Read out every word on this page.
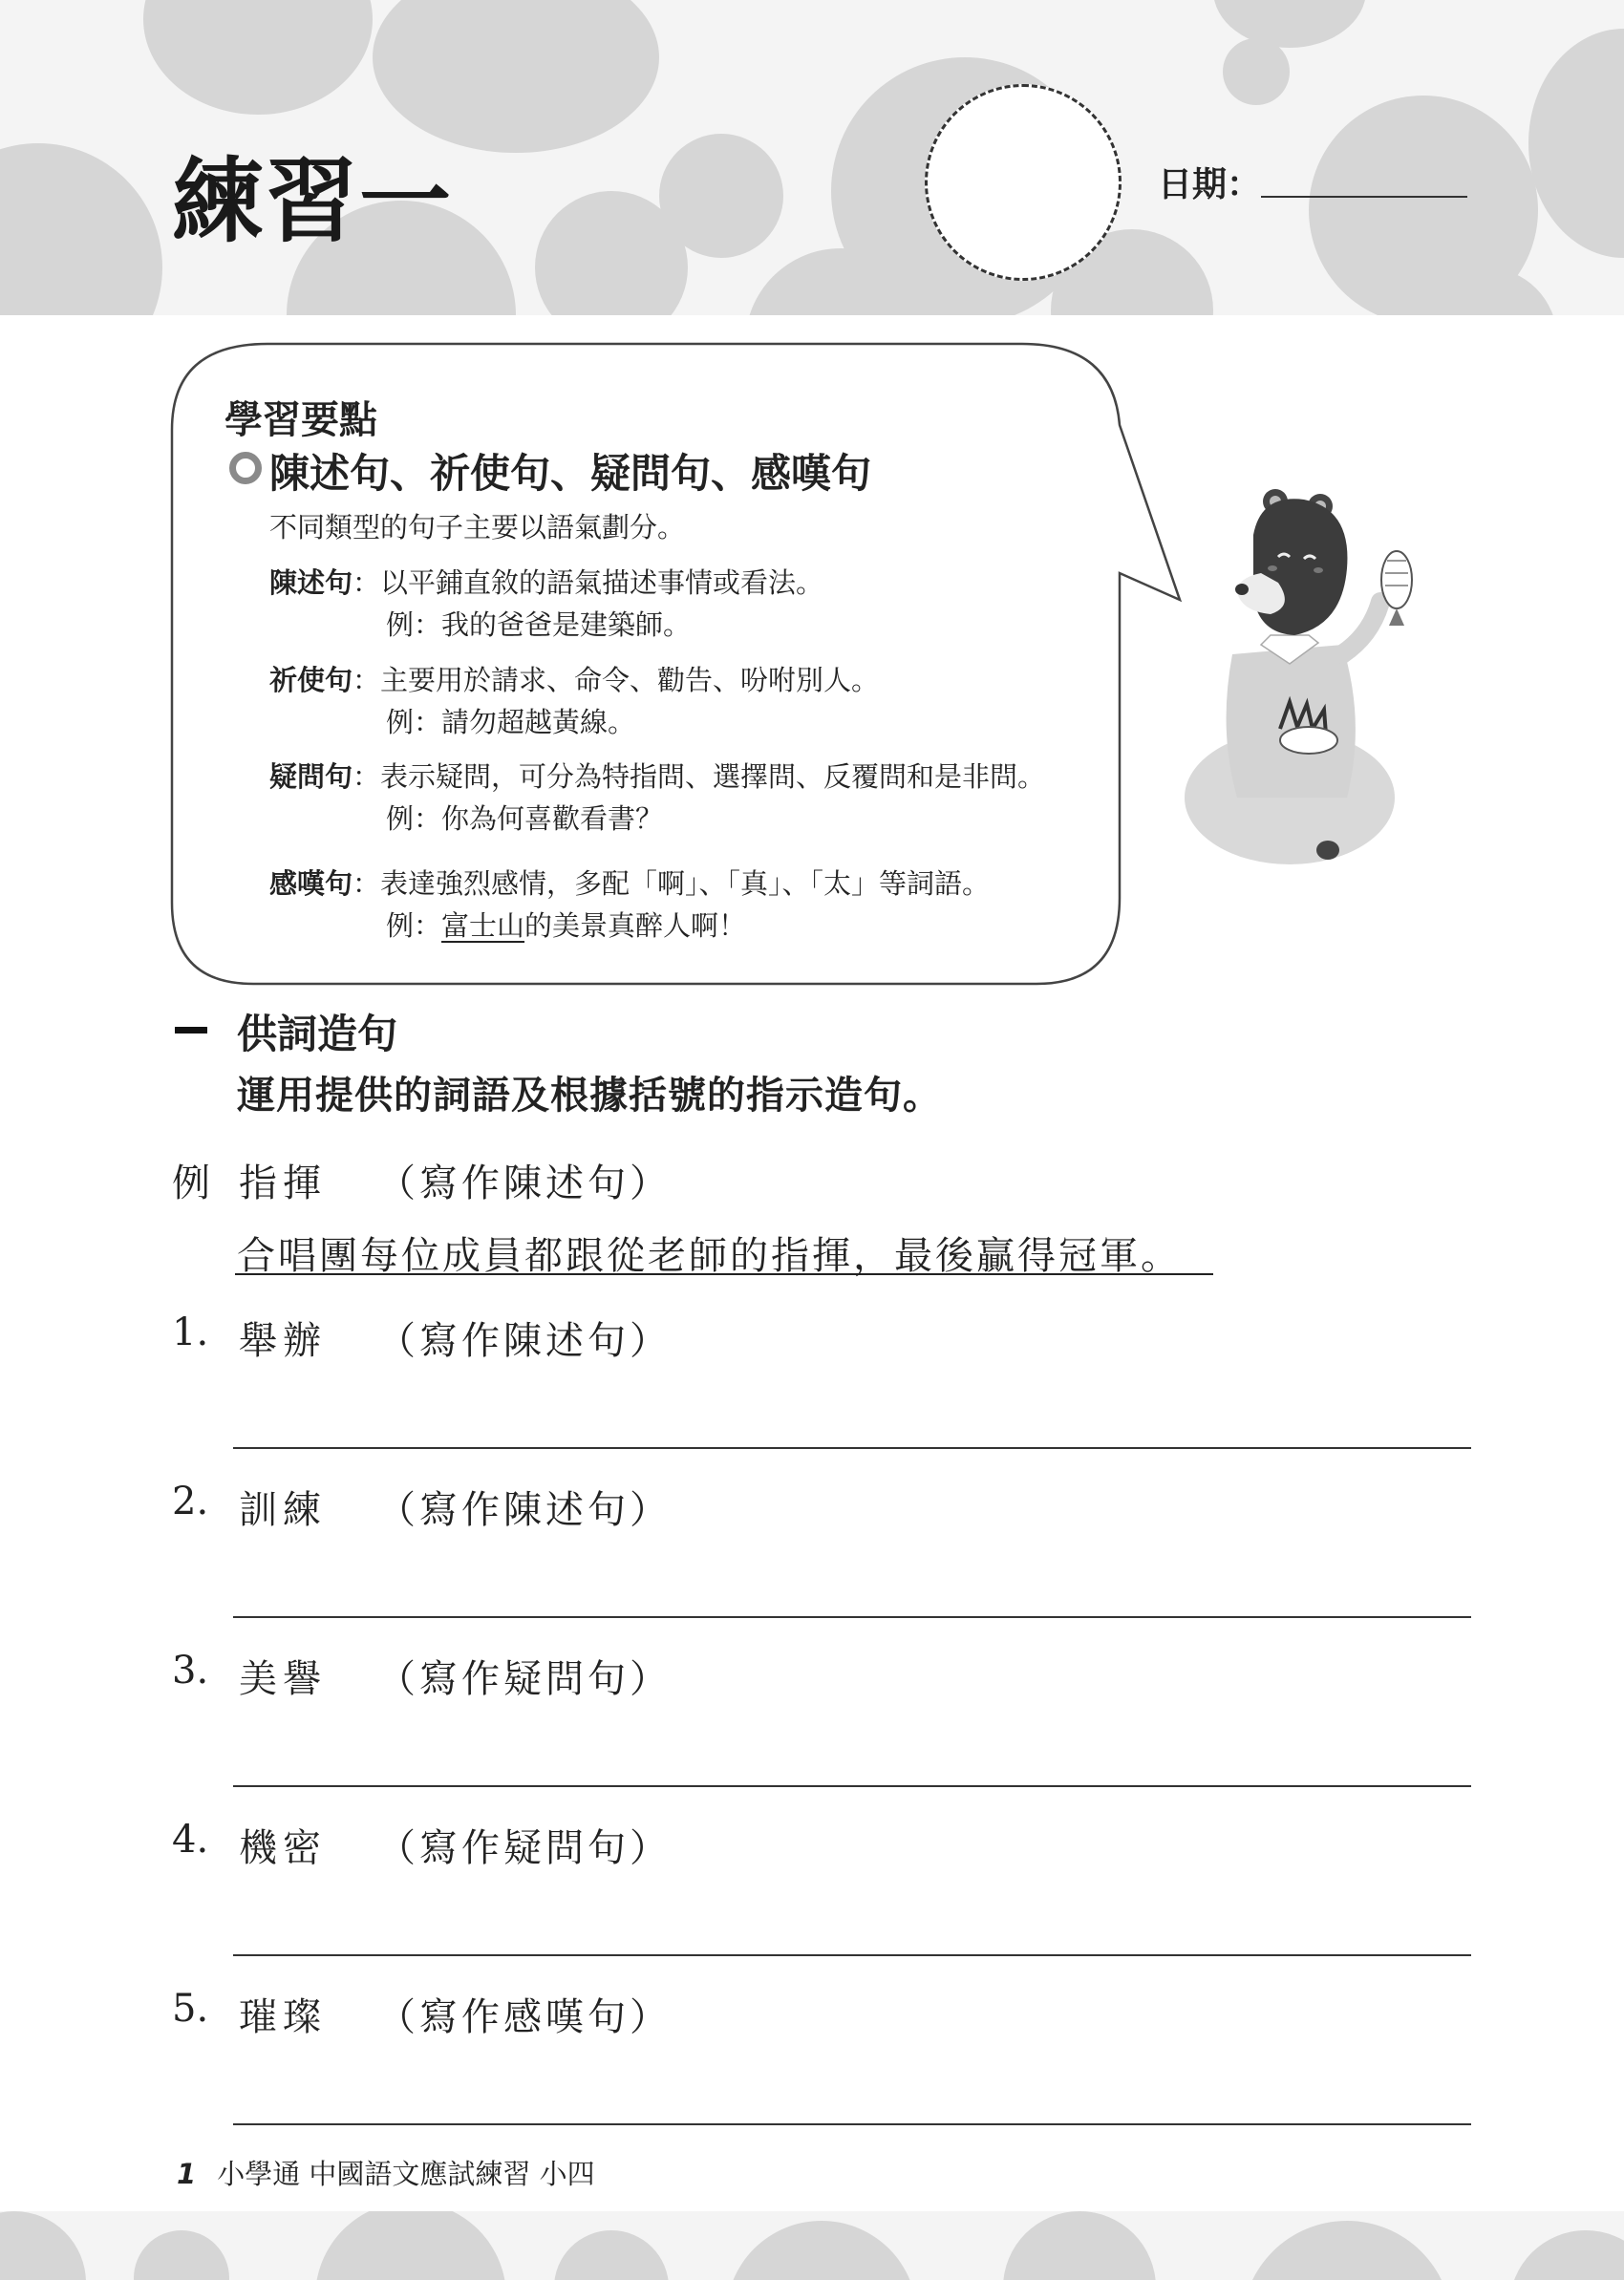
練習一	日期：
學習要點
陳述句、祈使句、疑問句、感嘆句
不同類型的句子主要以語氣劃分。
陳述句：以平鋪直敘的語氣描述事情或看法。
例：我的爸爸是建築師。
祈使句：主要用於請求、命令、勸告、吩咐別人。
例：請勿超越黃線。
疑問句：表示疑問，可分為特指問、選擇問、反覆問和是非問。
例：你為何喜歡看書？
感嘆句：表達強烈感情，多配「啊」、「真」、「太」等詞語。
例：富士山的美景真醉人啊！
供詞造句
運用提供的詞語及根據括號的指示造句。
例 指揮 （寫作陳述句）
合唱團每位成員都跟從老師的指揮，最後贏得冠軍。
1. 舉辦 （寫作陳述句）
2. 訓練 （寫作陳述句）
3. 美譽 （寫作疑問句）
4. 機密 （寫作疑問句）
5. 璀璨 （寫作感嘆句）
1 小學通 中國語文應試練習 小四
